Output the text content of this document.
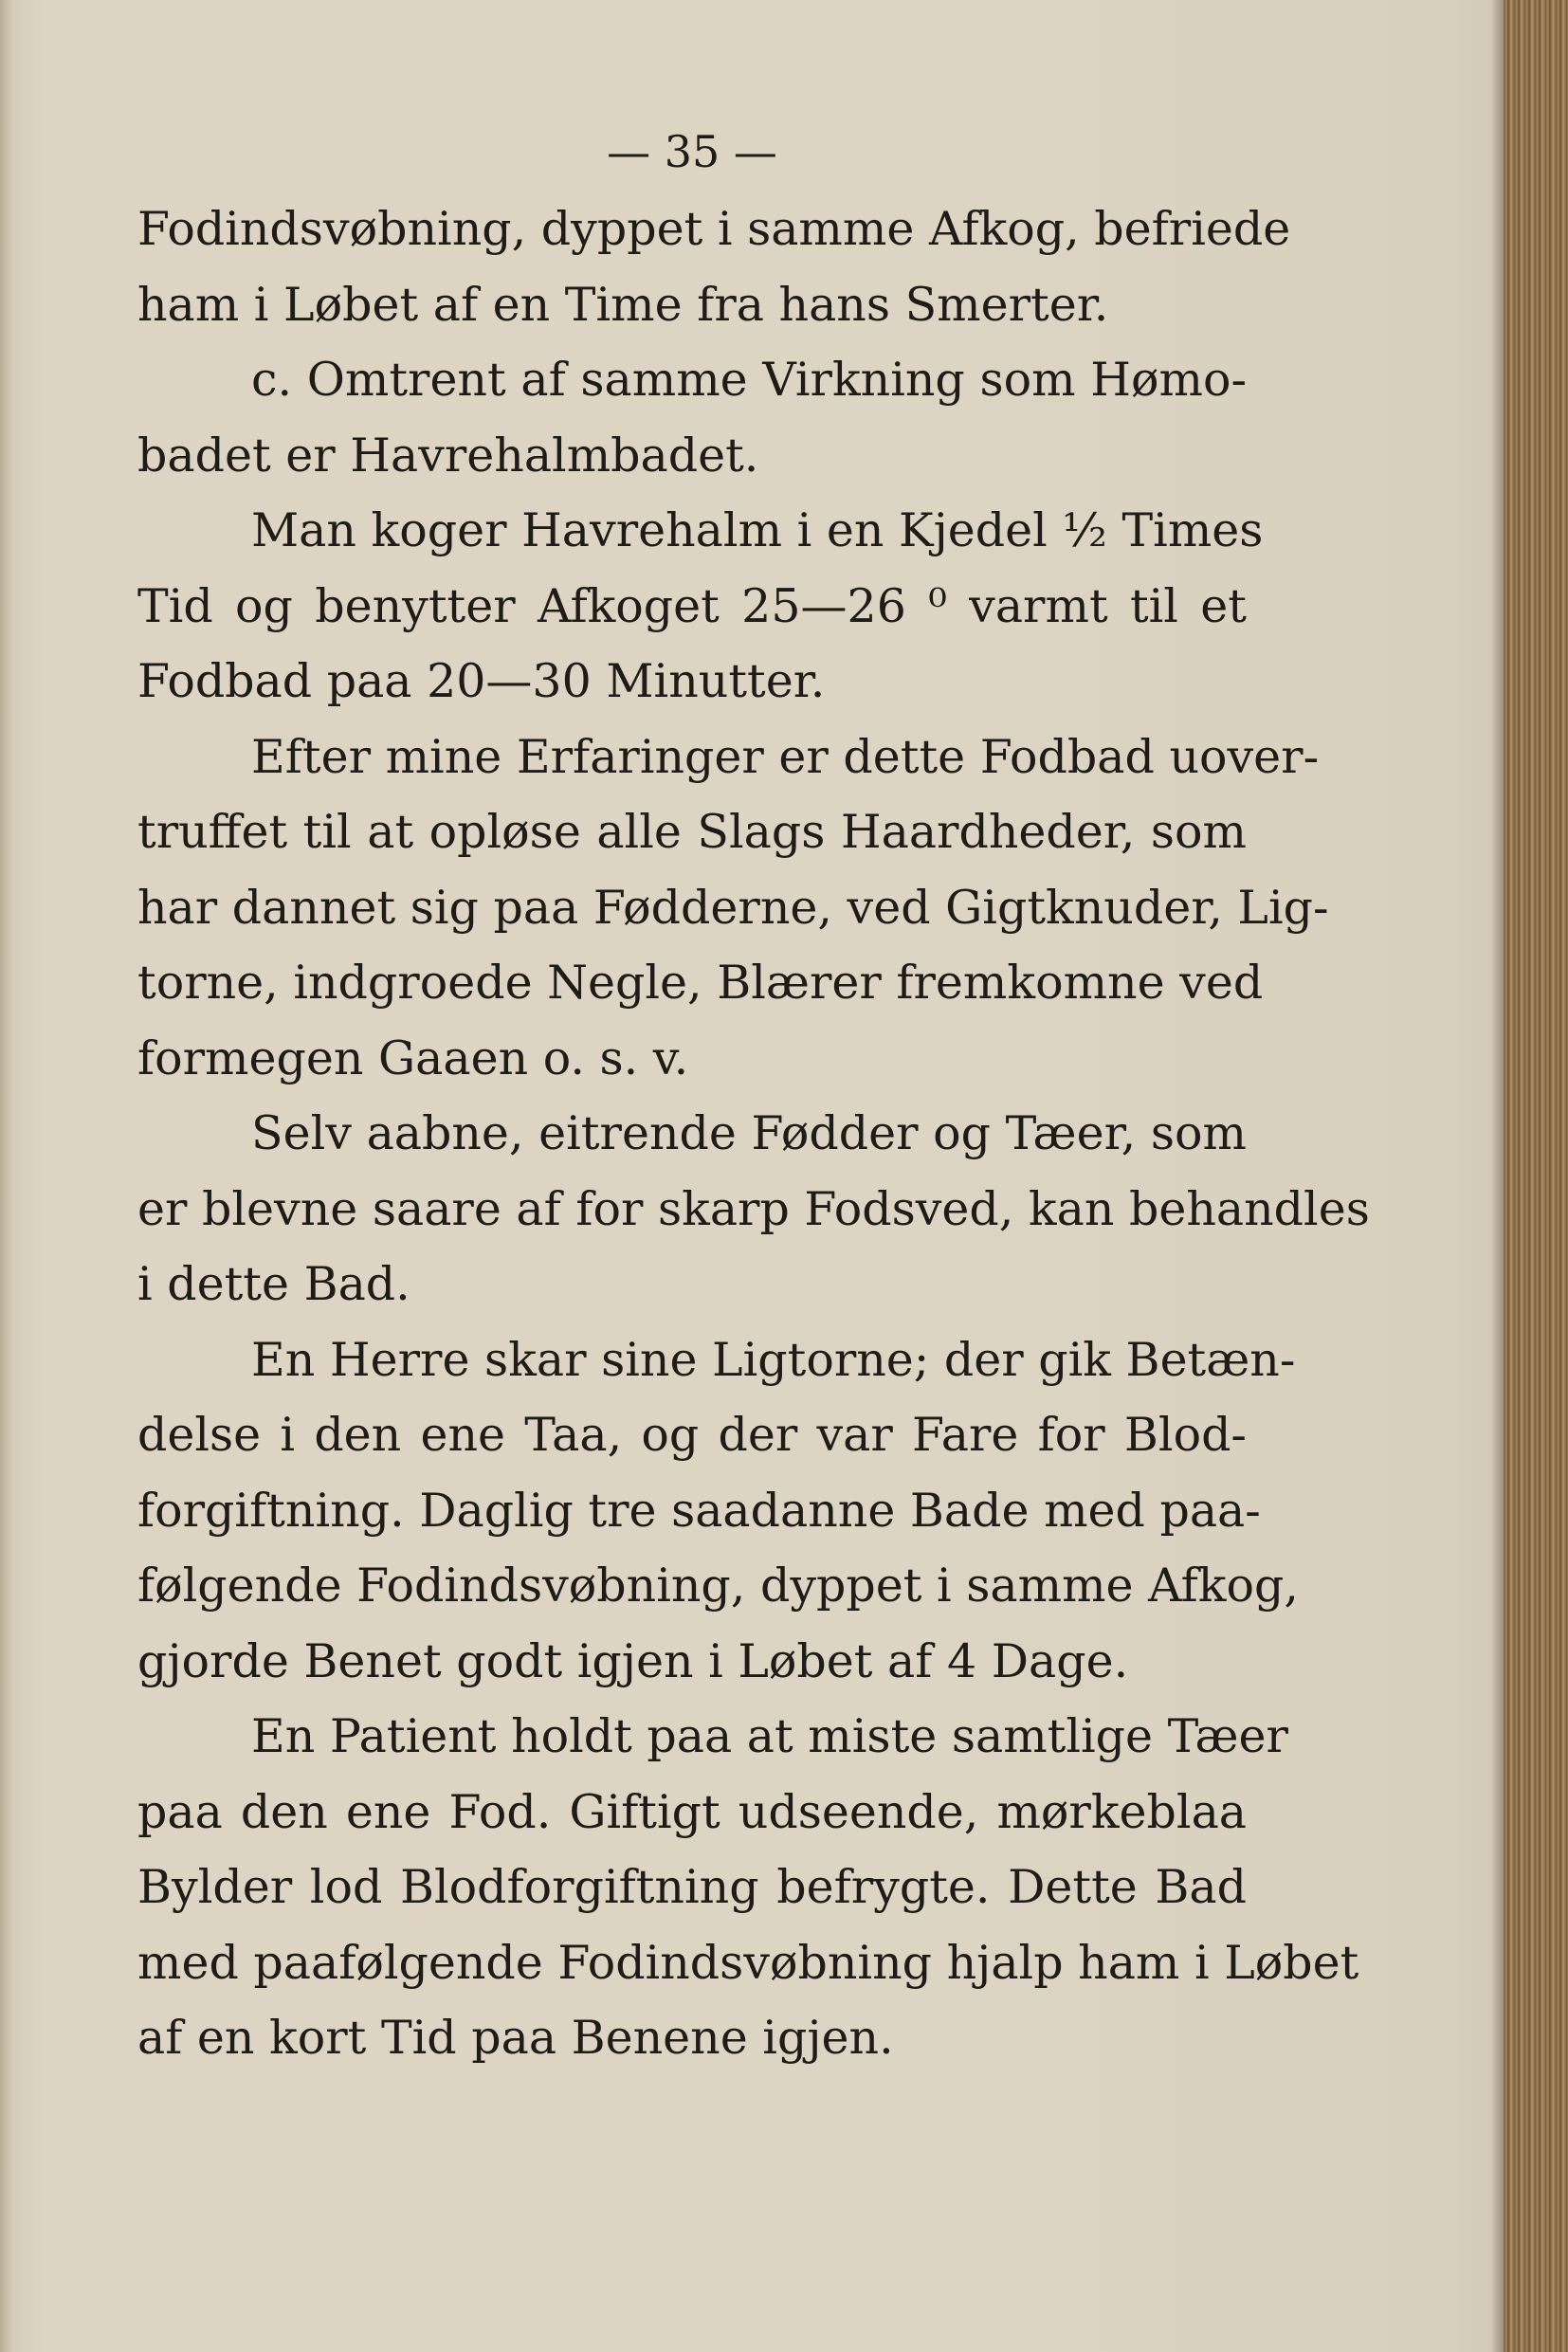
— 35 —
Fodindsvøbning, dyppet i samme Afkog, befriede
ham i Løbet af en Time fra hans Smerter.
c. Omtrent af samme Virkning som Hømo-
badet er Havrehalmbadet.
Man koger Havrehalm i en Kjedel ½ Times
Tid og benytter Afkoget 25—26 ⁰ varmt til et
Fodbad paa 20—30 Minutter.
Efter mine Erfaringer er dette Fodbad uover-
truffet til at opløse alle Slags Haardheder, som
har dannet sig paa Fødderne, ved Gigtknuder, Lig-
torne, indgroede Negle, Blærer fremkomne ved
formegen Gaaen o. s. v.
Selv aabne, eitrende Fødder og Tæer, som
er blevne saare af for skarp Fodsved, kan behandles
i dette Bad.
En Herre skar sine Ligtorne; der gik Betæn-
delse i den ene Taa, og der var Fare for Blod-
forgiftning. Daglig tre saadanne Bade med paa-
følgende Fodindsvøbning, dyppet i samme Afkog,
gjorde Benet godt igjen i Løbet af 4 Dage.
En Patient holdt paa at miste samtlige Tæer
paa den ene Fod. Giftigt udseende, mørkeblaa
Bylder lod Blodforgiftning befrygte. Dette Bad
med paafølgende Fodindsvøbning hjalp ham i Løbet
af en kort Tid paa Benene igjen.
